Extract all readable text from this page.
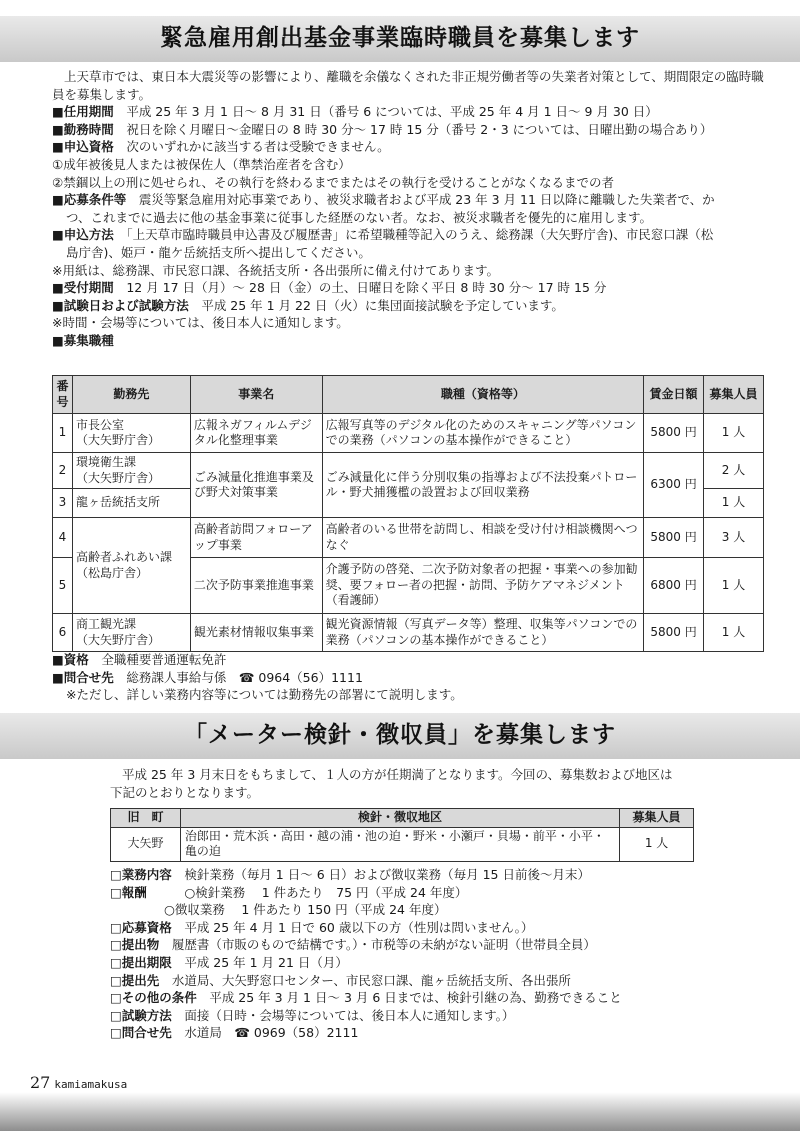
緊急雇用創出基金事業臨時職員を募集します
上天草市では、東日本大震災等の影響により、離職を余儀なくされた非正規労働者等の失業者対策として、期間限定の臨時職員を募集します。
■任用期間　 平成 25 年 3 月 1 日～ 8 月 31 日（番号 6 については、平成 25 年 4 月 1 日～ 9 月 30 日）
■勤務時間　 祝日を除く月曜日～金曜日の 8 時 30 分～ 17 時 15 分（番号 2・3 については、日曜出勤の場合あり）
■申込資格　 次のいずれかに該当する者は受験できません。
①成年被後見人または被保佐人（準禁治産者を含む）
②禁錮以上の刑に処せられ、その執行を終わるまでまたはその執行を受けることがなくなるまでの者
■応募条件等　 震災等緊急雇用対応事業であり、被災求職者および平成 23 年 3 月 11 日以降に離職した失業者で、か
つ、これまでに過去に他の基金事業に従事した経歴のない者。なお、被災求職者を優先的に雇用します。
■申込方法　 「上天草市臨時職員申込書及び履歴書」に希望職種等記入のうえ、総務課（大矢野庁舎)、市民窓口課（松
島庁舎)、姫戸・龍ケ岳統括支所へ提出してください。
※用紙は、総務課、市民窓口課、各統括支所・各出張所に備え付けてあります。
■受付期間　 12 月 17 日（月）～ 28 日（金）の土、日曜日を除く平日 8 時 30 分～ 17 時 15 分
■試験日および試験方法　 平成 25 年 1 月 22 日（火）に集団面接試験を予定しています。
※時間・会場等については、後日本人に通知します。
■募集職種
番号	勤務先	事業名	職種（資格等）	賃金日額	募集人員
1	市長公室
（大矢野庁舎）	広報ネガフィルムデジタル化整理事業	広報写真等のデジタル化のためのスキャニング等パソコンでの業務（パソコンの基本操作ができること）	5800 円	1 人
2	環境衛生課
（大矢野庁舎）	ごみ減量化推進事業及び野犬対策事業	ごみ減量化に伴う分別収集の指導および不法投棄パトロール・野犬捕獲檻の設置および回収業務	6300 円	2 人
3	龍ヶ岳統括支所				1 人
4	高齢者ふれあい課
（松島庁舎）	高齢者訪問フォローアップ事業	高齢者のいる世帯を訪問し、相談を受け付け相談機関へつなぐ	5800 円	3 人
5		二次予防事業推進事業	介護予防の啓発、二次予防対象者の把握・事業への参加勧奨、要フォロー者の把握・訪問、予防ケアマネジメント（看護師）	6800 円	1 人
6	商工観光課
（大矢野庁舎）	観光素材情報収集事業	観光資源情報（写真データ等）整理、収集等パソコンでの業務（パソコンの基本操作ができること）	5800 円	1 人
■資格　 全職種要普通運転免許
■問合せ先　 総務課人事給与係　☎ 0964（56）1111
※ただし、詳しい業務内容等については勤務先の部署にて説明します。
「メーター検針・徴収員」を募集します
平成 25 年 3 月末日をもちまして、１人の方が任期満了となります。今回の、募集数および地区は
下記のとおりとなります。
旧　町	検針・徴収地区	募集人員
大矢野	治郎田・荒木浜・高田・越の浦・池の迫・野米・小瀬戸・貝場・前平・小平・亀の迫	1 人
□業務内容　 検針業務（毎月 1 日～ 6 日）および徴収業務（毎月 15 日前後～月末）
□報酬　　　	○検針業務　 1 件あたり　75 円（平成 24 年度）
○徴収業務　 1 件あたり 150 円（平成 24 年度）
□応募資格　 平成 25 年 4 月 1 日で 60 歳以下の方（性別は問いません。）
□提出物　 履歴書（市販のもので結構です。）・市税等の未納がない証明（世帯員全員）
□提出期限　 平成 25 年 1 月 21 日（月）
□提出先　 水道局、大矢野窓口センター、市民窓口課、龍ヶ岳統括支所、各出張所
□その他の条件　 平成 25 年 3 月 1 日～ 3 月 6 日までは、検針引継の為、勤務できること
□試験方法　 面接（日時・会場等については、後日本人に通知します。）
□問合せ先　 水道局　☎ 0969（58）2111
27 kamiamakusa
